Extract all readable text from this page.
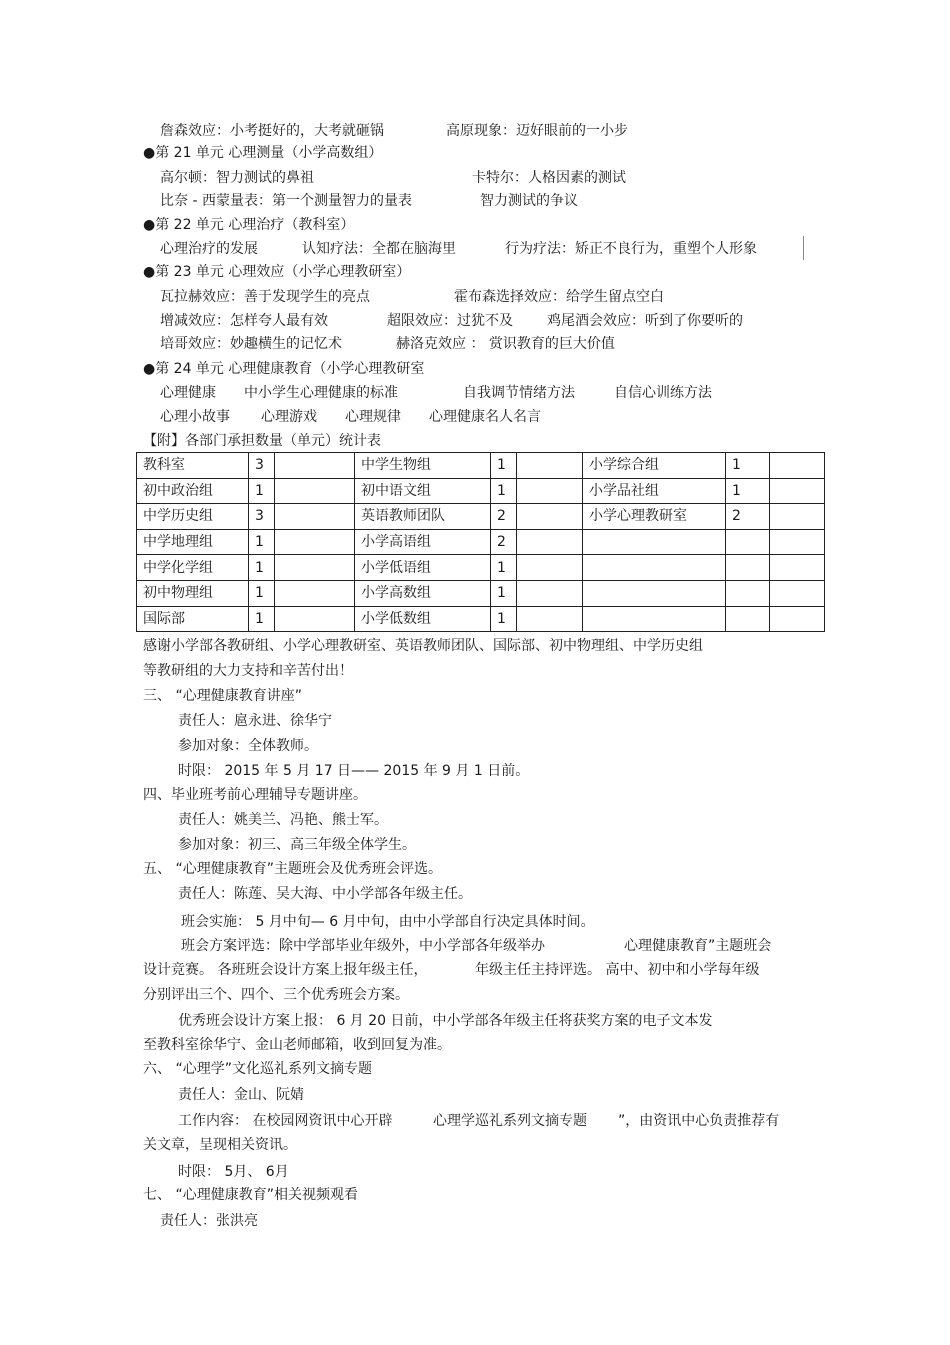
詹森效应：小考挺好的，大考就砸锅	高原现象：迈好眼前的一小步
●第 21 单元 心理测量（小学高数组）
高尔顿：智力测试的鼻祖	卡特尔：人格因素的测试
比奈 - 西蒙量表：第一个测量智力的量表	智力测试的争议
●第 22 单元 心理治疗（教科室）
心理治疗的发展	认知疗法：全都在脑海里	行为疗法：矫正不良行为，重塑个人形象
●第 23 单元 心理效应（小学心理教研室）
瓦拉赫效应：善于发现学生的亮点	霍布森选择效应：给学生留点空白
增减效应：怎样夸人最有效	超限效应：过犹不及 鸡尾酒会效应：听到了你要听的
培哥效应：妙趣横生的记忆术	赫洛克效应 ： 赏识教育的巨大价值
●第 24 单元 心理健康教育（小学心理教研室
心理健康 中小学生心理健康的标准	自我调节情绪方法	自信心训练方法
心理小故事 心理游戏 心理规律 心理健康名人名言
【附】各部门承担数量（单元）统计表
教科室	3		中学生物组	1		小学综合组	1	
初中政治组	1		初中语文组	1		小学品社组	1	
中学历史组	3		英语教师团队	2		小学心理教研室	2	
中学地理组	1		小学高语组	2				
中学化学组	1		小学低语组	1				
初中物理组	1		小学高数组	1				
国际部	1		小学低数组	1				
感谢小学部各教研组、小学心理教研室、英语教师团队、国际部、初中物理组、中学历史组
等教研组的大力支持和辛苦付出！
三、 “心理健康教育讲座”
责任人：扈永进、徐华宁
参加对象：全体教师。
时限： 2015 年 5 月 17 日—— 2015 年 9 月 1 日前。
四、毕业班考前心理辅导专题讲座。
责任人：姚美兰、冯艳、熊士军。
参加对象：初三、高三年级全体学生。
五、 “心理健康教育”主题班会及优秀班会评选。
责任人：陈莲、吴大海、中小学部各年级主任。
班会实施： 5 月中旬— 6 月中旬，由中小学部自行决定具体时间。
班会方案评选：除中学部毕业年级外，中小学部各年级举办	心理健康教育”主题班会
设计竞赛。 各班班会设计方案上报年级主任，	年级主任主持评选。 高中、初中和小学每年级
分别评出三个、四个、三个优秀班会方案。
优秀班会设计方案上报： 6 月 20 日前，中小学部各年级主任将获奖方案的电子文本发
至教科室徐华宁、金山老师邮箱，收到回复为准。
六、 “心理学”文化巡礼系列文摘专题
责任人：金山、阮婧
工作内容： 在校园网资讯中心开辟	心理学巡礼系列文摘专题 ”，由资讯中心负责推荐有
关文章，呈现相关资讯。
时限： 5月、 6月
七、 “心理健康教育”相关视频观看
责任人：张洪亮
